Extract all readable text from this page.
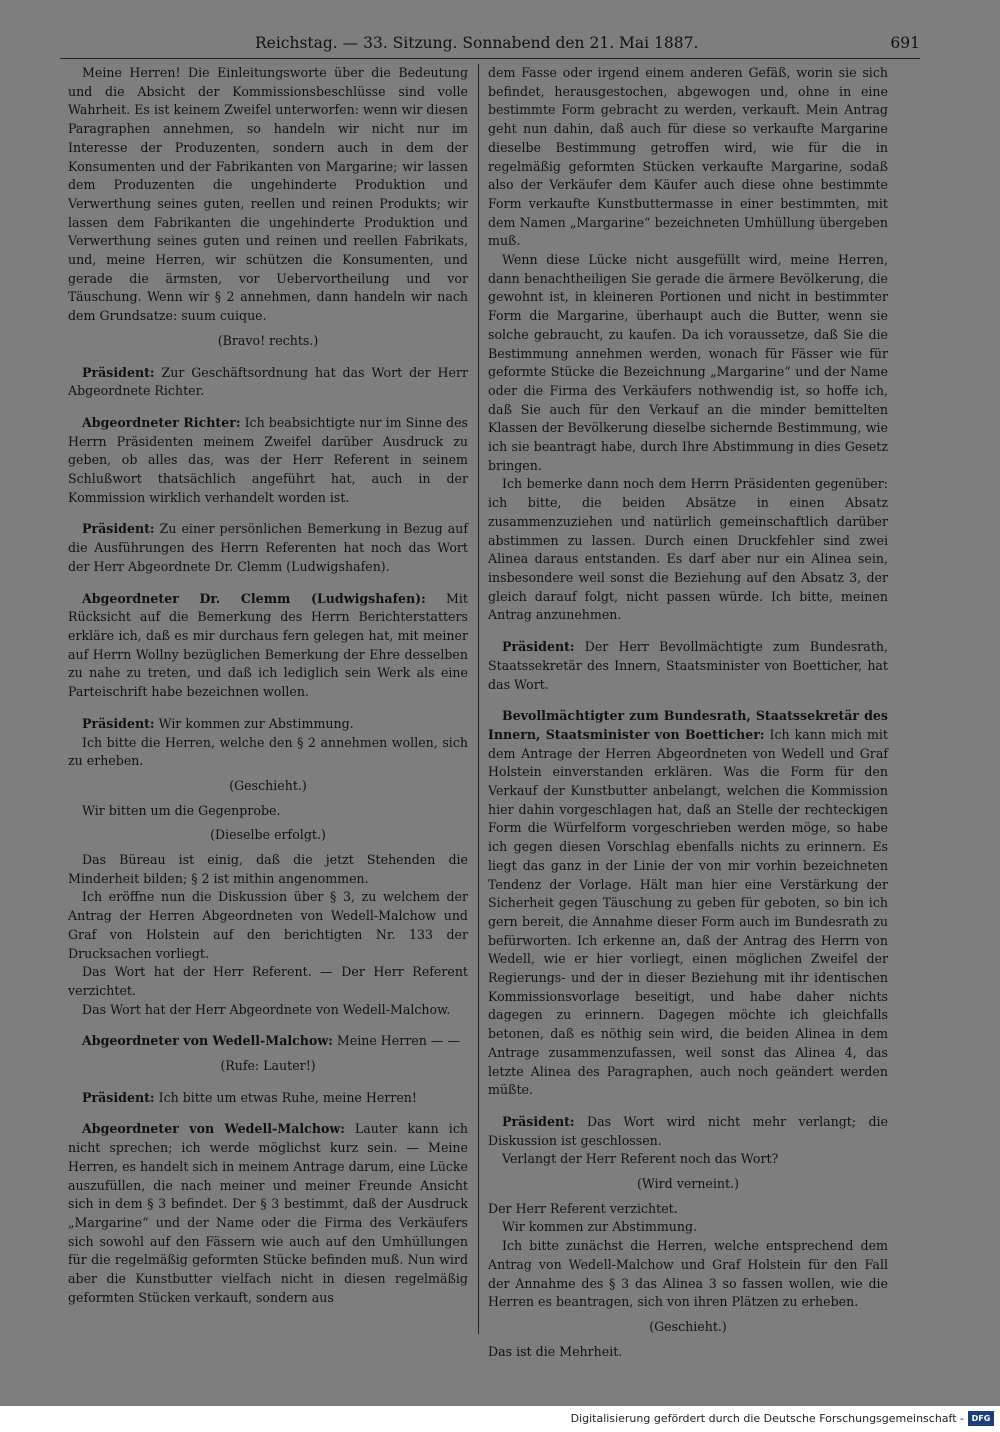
Reichstag. — 33. Sitzung. Sonnabend den 21. Mai 1887.	691

Meine Herren! Die Einleitungsworte über die Bedeutung und die Absicht der Kommissionsbeschlüsse sind volle Wahrheit. Es ist keinem Zweifel unterworfen: wenn wir diesen Paragraphen annehmen, so handeln wir nicht nur im Interesse der Produzenten, sondern auch in dem der Konsumenten und der Fabrikanten von Margarine; wir lassen dem Produzenten die ungehinderte Produktion und Verwerthung seines guten, reellen und reinen Produkts; wir lassen dem Fabrikanten die ungehinderte Produktion und Verwerthung seines guten und reinen und reellen Fabrikats, und, meine Herren, wir schützen die Konsumenten, und gerade die ärmsten, vor Uebervortheilung und vor Täuschung. Wenn wir § 2 annehmen, dann handeln wir nach dem Grundsatze: suum cuique.

(Bravo! rechts.)

Präsident: Zur Geschäftsordnung hat das Wort der Herr Abgeordnete Richter.

Abgeordneter Richter: Ich beabsichtigte nur im Sinne des Herrn Präsidenten meinem Zweifel darüber Ausdruck zu geben, ob alles das, was der Herr Referent in seinem Schlußwort thatsächlich angeführt hat, auch in der Kommission wirklich verhandelt worden ist.

Präsident: Zu einer persönlichen Bemerkung in Bezug auf die Ausführungen des Herrn Referenten hat noch das Wort der Herr Abgeordnete Dr. Clemm (Ludwigshafen).

Abgeordneter Dr. Clemm (Ludwigshafen): Mit Rücksicht auf die Bemerkung des Herrn Berichterstatters erkläre ich, daß es mir durchaus fern gelegen hat, mit meiner auf Herrn Wollny bezüglichen Bemerkung der Ehre desselben zu nahe zu treten, und daß ich lediglich sein Werk als eine Parteischrift habe bezeichnen wollen.

Präsident: Wir kommen zur Abstimmung.

Ich bitte die Herren, welche den § 2 annehmen wollen, sich zu erheben.

(Geschieht.)

Wir bitten um die Gegenprobe.

(Dieselbe erfolgt.)

Das Büreau ist einig, daß die jetzt Stehenden die Minderheit bilden; § 2 ist mithin angenommen.

Ich eröffne nun die Diskussion über § 3, zu welchem der Antrag der Herren Abgeordneten von Wedell-Malchow und Graf von Holstein auf den berichtigten Nr. 133 der Drucksachen vorliegt.

Das Wort hat der Herr Referent. — Der Herr Referent verzichtet.

Das Wort hat der Herr Abgeordnete von Wedell-Malchow.

Abgeordneter von Wedell-Malchow: Meine Herren — —

(Rufe: Lauter!)

Präsident: Ich bitte um etwas Ruhe, meine Herren!

Abgeordneter von Wedell-Malchow: Lauter kann ich nicht sprechen; ich werde möglichst kurz sein. — Meine Herren, es handelt sich in meinem Antrage darum, eine Lücke auszufüllen, die nach meiner und meiner Freunde Ansicht sich in dem § 3 befindet. Der § 3 bestimmt, daß der Ausdruck „Margarine“ und der Name oder die Firma des Verkäufers sich sowohl auf den Fässern wie auch auf den Umhüllungen für die regelmäßig geformten Stücke befinden muß. Nun wird aber die Kunstbutter vielfach nicht in diesen regelmäßig geformten Stücken verkauft, sondern aus

dem Fasse oder irgend einem anderen Gefäß, worin sie sich befindet, herausgestochen, abgewogen und, ohne in eine bestimmte Form gebracht zu werden, verkauft. Mein Antrag geht nun dahin, daß auch für diese so verkaufte Margarine dieselbe Bestimmung getroffen wird, wie für die in regelmäßig geformten Stücken verkaufte Margarine, sodaß also der Verkäufer dem Käufer auch diese ohne bestimmte Form verkaufte Kunstbuttermasse in einer bestimmten, mit dem Namen „Margarine“ bezeichneten Umhüllung übergeben muß.

Wenn diese Lücke nicht ausgefüllt wird, meine Herren, dann benachtheiligen Sie gerade die ärmere Bevölkerung, die gewohnt ist, in kleineren Portionen und nicht in bestimmter Form die Margarine, überhaupt auch die Butter, wenn sie solche gebraucht, zu kaufen. Da ich voraussetze, daß Sie die Bestimmung annehmen werden, wonach für Fässer wie für geformte Stücke die Bezeichnung „Margarine“ und der Name oder die Firma des Verkäufers nothwendig ist, so hoffe ich, daß Sie auch für den Verkauf an die minder bemittelten Klassen der Bevölkerung dieselbe sichernde Bestimmung, wie ich sie beantragt habe, durch Ihre Abstimmung in dies Gesetz bringen.

Ich bemerke dann noch dem Herrn Präsidenten gegenüber: ich bitte, die beiden Absätze in einen Absatz zusammenzuziehen und natürlich gemeinschaftlich darüber abstimmen zu lassen. Durch einen Druckfehler sind zwei Alinea daraus entstanden. Es darf aber nur ein Alinea sein, insbesondere weil sonst die Beziehung auf den Absatz 3, der gleich darauf folgt, nicht passen würde. Ich bitte, meinen Antrag anzunehmen.

Präsident: Der Herr Bevollmächtigte zum Bundesrath, Staatssekretär des Innern, Staatsminister von Boetticher, hat das Wort.

Bevollmächtigter zum Bundesrath, Staatssekretär des Innern, Staatsminister von Boetticher: Ich kann mich mit dem Antrage der Herren Abgeordneten von Wedell und Graf Holstein einverstanden erklären. Was die Form für den Verkauf der Kunstbutter anbelangt, welchen die Kommission hier dahin vorgeschlagen hat, daß an Stelle der rechteckigen Form die Würfelform vorgeschrieben werden möge, so habe ich gegen diesen Vorschlag ebenfalls nichts zu erinnern. Es liegt das ganz in der Linie der von mir vorhin bezeichneten Tendenz der Vorlage. Hält man hier eine Verstärkung der Sicherheit gegen Täuschung zu geben für geboten, so bin ich gern bereit, die Annahme dieser Form auch im Bundesrath zu befürworten. Ich erkenne an, daß der Antrag des Herrn von Wedell, wie er hier vorliegt, einen möglichen Zweifel der Regierungs- und der in dieser Beziehung mit ihr identischen Kommissionsvorlage beseitigt, und habe daher nichts dagegen zu erinnern. Dagegen möchte ich gleichfalls betonen, daß es nöthig sein wird, die beiden Alinea in dem Antrage zusammenzufassen, weil sonst das Alinea 4, das letzte Alinea des Paragraphen, auch noch geändert werden müßte.

Präsident: Das Wort wird nicht mehr verlangt; die Diskussion ist geschlossen.

Verlangt der Herr Referent noch das Wort?

(Wird verneint.)

Der Herr Referent verzichtet.

Wir kommen zur Abstimmung.

Ich bitte zunächst die Herren, welche entsprechend dem Antrag von Wedell-Malchow und Graf Holstein für den Fall der Annahme des § 3 das Alinea 3 so fassen wollen, wie die Herren es beantragen, sich von ihren Plätzen zu erheben.

(Geschieht.)

Das ist die Mehrheit.

Digitalisierung gefördert durch die Deutsche Forschungsgemeinschaft - DFG
